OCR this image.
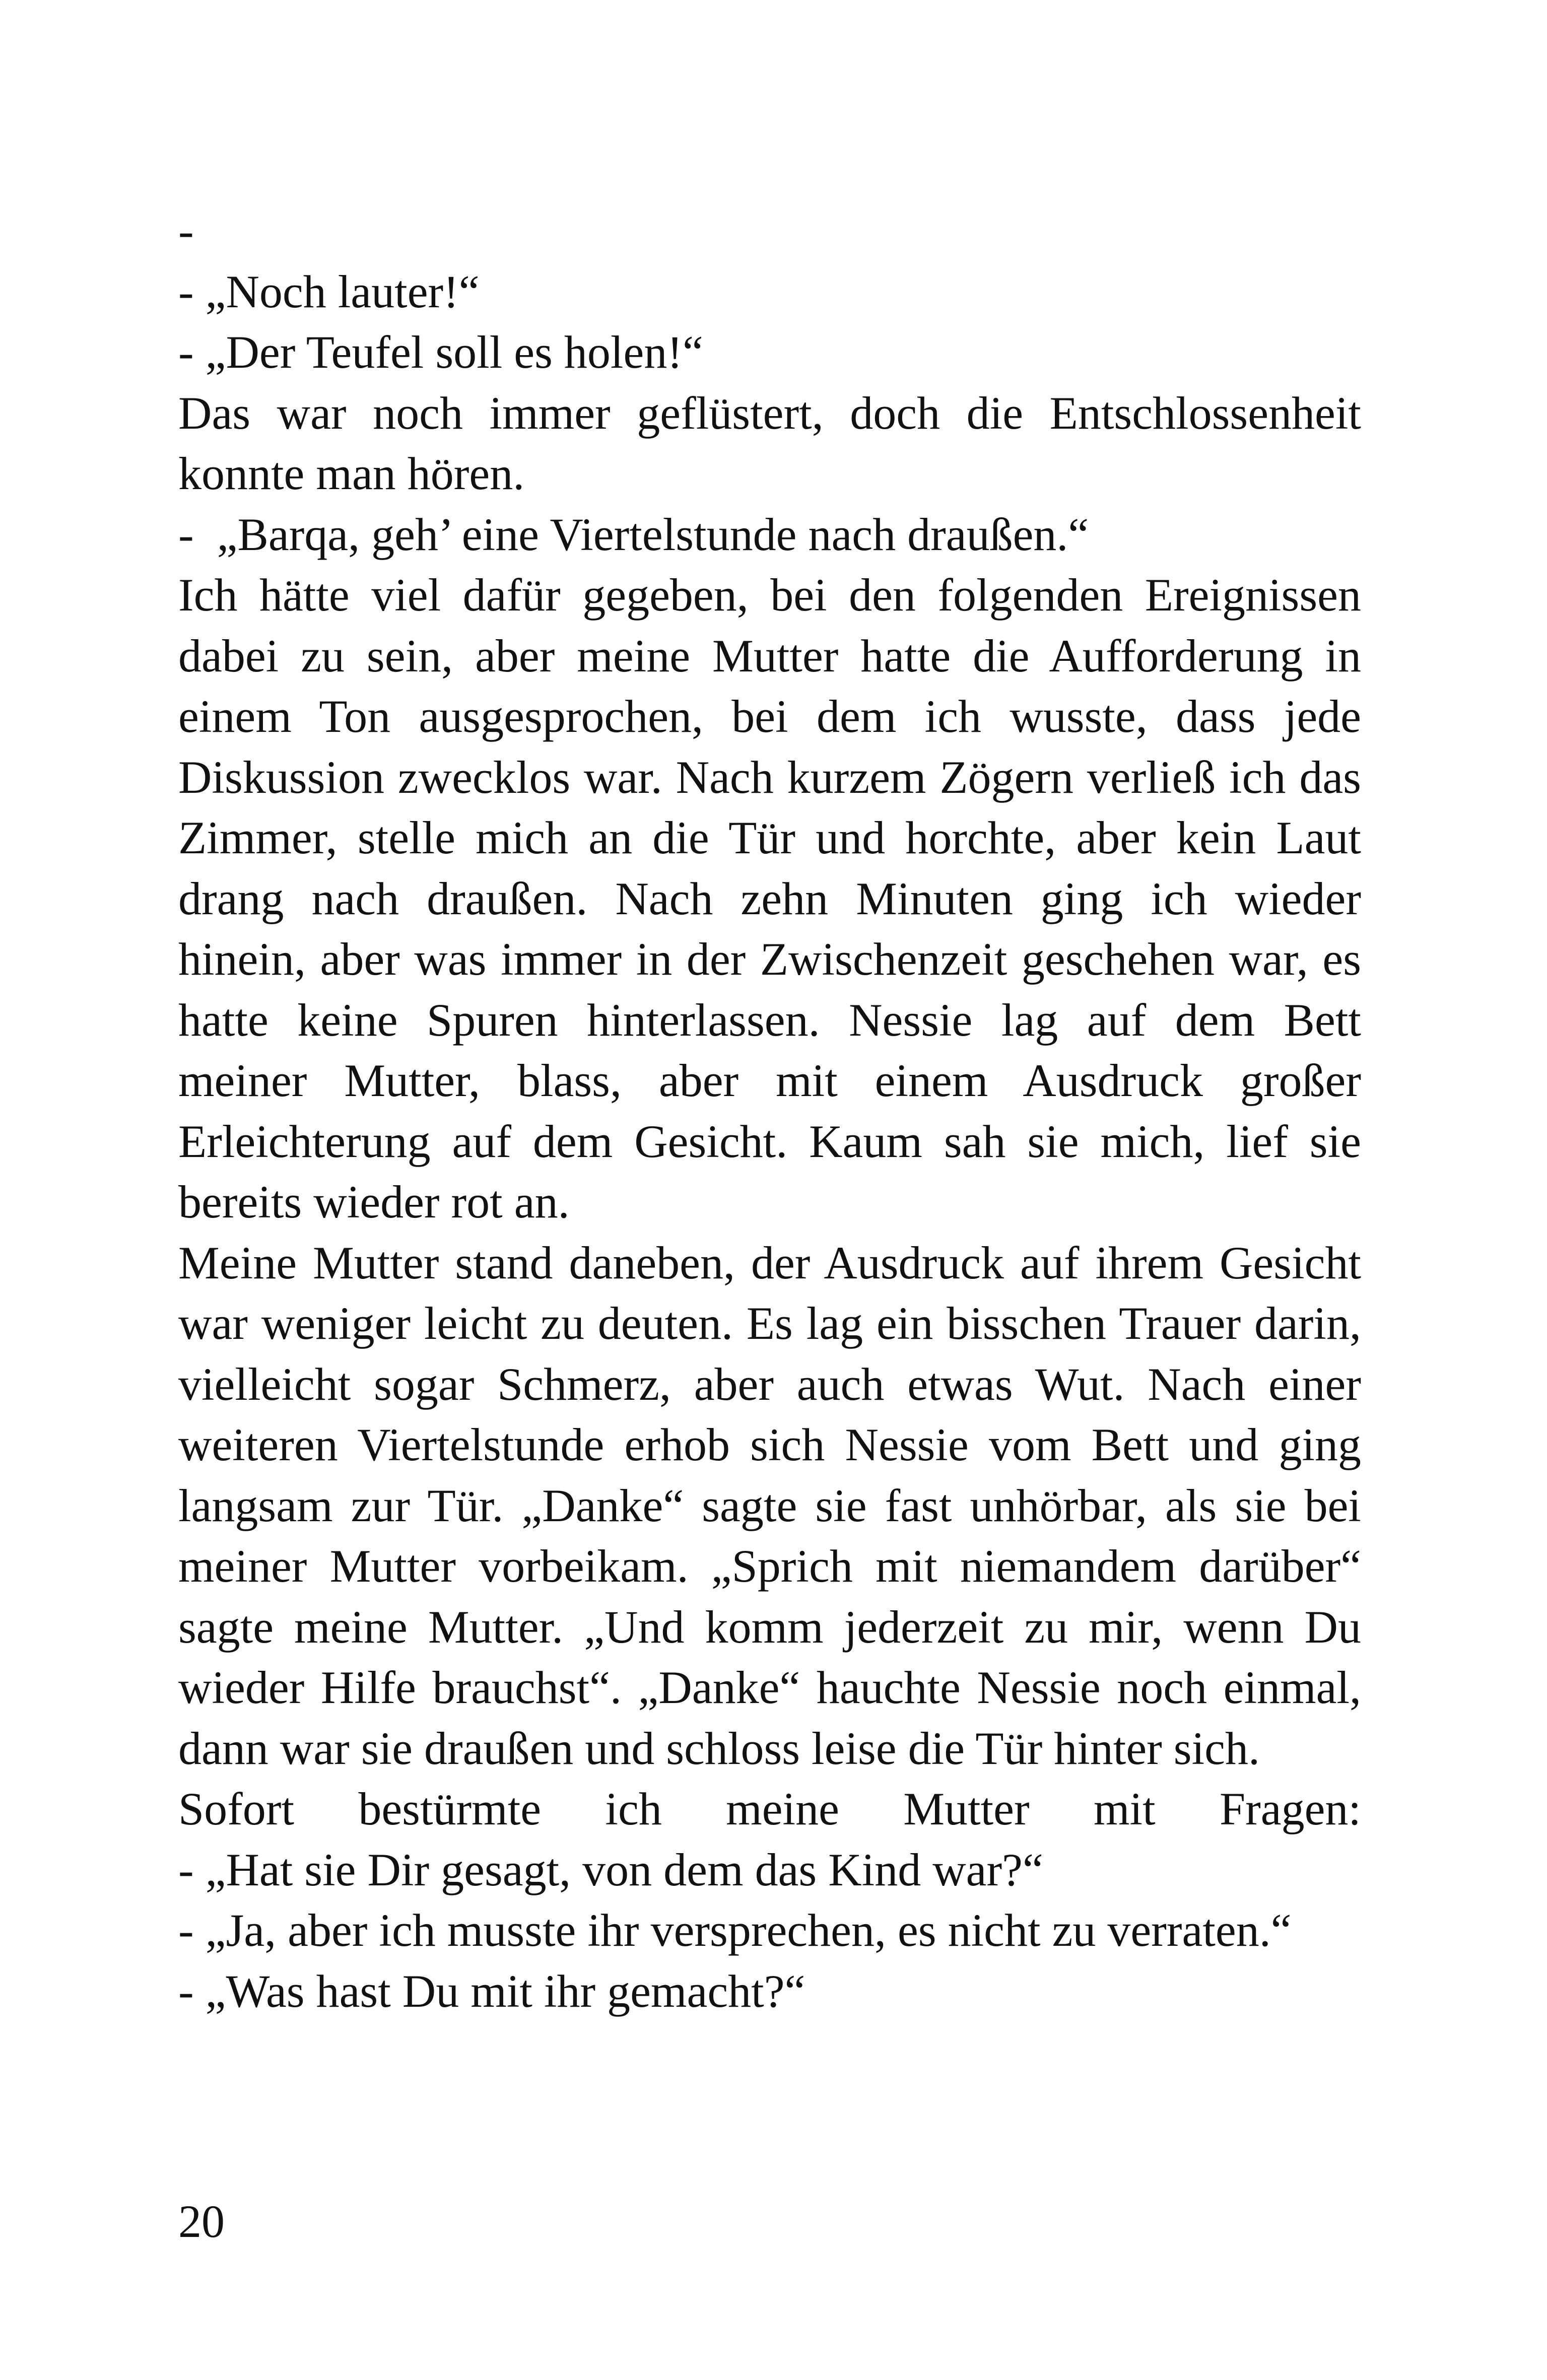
-
- „Noch lauter!“
- „Der Teufel soll es holen!“

Das war noch immer geflüstert, doch die Entschlossenheit konnte man hören.

-  „Barqa, geh’ eine Viertelstunde nach draußen.“

Ich hätte viel dafür gegeben, bei den folgenden Ereignissen dabei zu sein, aber meine Mutter hatte die Aufforderung in einem Ton ausgesprochen, bei dem ich wusste, dass jede Diskussion zwecklos war. Nach kurzem Zögern verließ ich das Zimmer, stelle mich an die Tür und horchte, aber kein Laut drang nach draußen. Nach zehn Minuten ging ich wieder hinein, aber was immer in der Zwischenzeit geschehen war, es hatte keine Spuren hinterlassen. Nessie lag auf dem Bett meiner Mutter, blass, aber mit einem Ausdruck großer Erleichterung auf dem Gesicht. Kaum sah sie mich, lief sie bereits wieder rot an.

Meine Mutter stand daneben, der Ausdruck auf ihrem Gesicht war weniger leicht zu deuten. Es lag ein bisschen Trauer darin, vielleicht sogar Schmerz, aber auch etwas Wut. Nach einer weiteren Viertelstunde erhob sich Nessie vom Bett und ging langsam zur Tür. „Danke“ sagte sie fast unhörbar, als sie bei meiner Mutter vorbeikam. „Sprich mit niemandem darüber“ sagte meine Mutter. „Und komm jederzeit zu mir, wenn Du wieder Hilfe brauchst“. „Danke“ hauchte Nessie noch einmal, dann war sie draußen und schloss leise die Tür hinter sich.

Sofort bestürmte ich meine Mutter mit Fragen:

- „Hat sie Dir gesagt, von dem das Kind war?“
- „Ja, aber ich musste ihr versprechen, es nicht zu verraten.“
- „Was hast Du mit ihr gemacht?“
20
